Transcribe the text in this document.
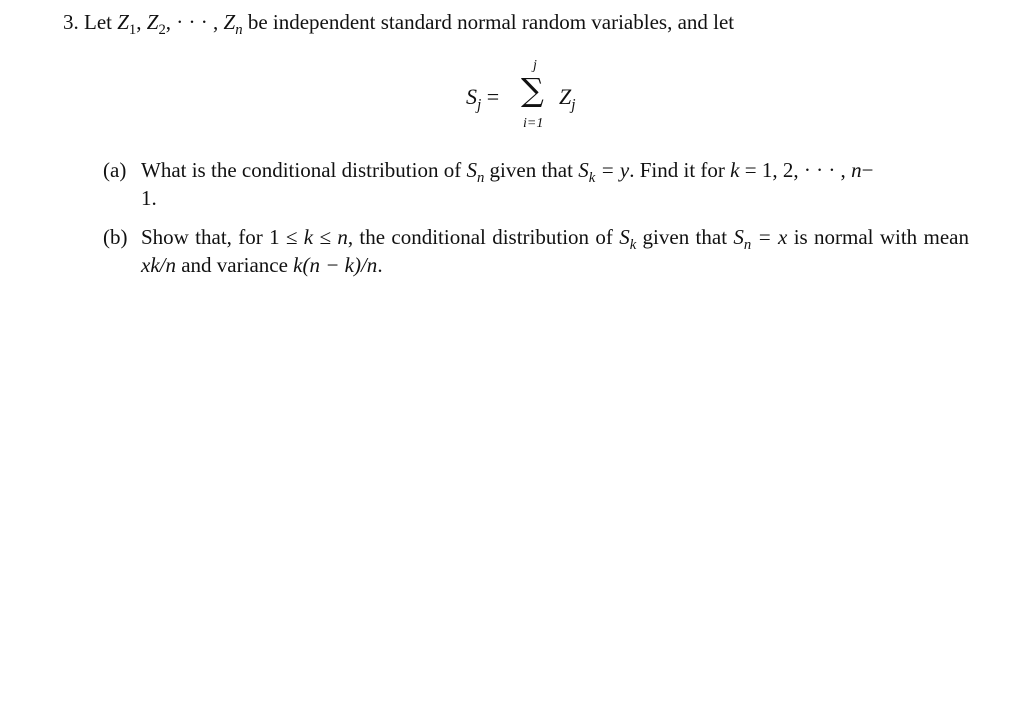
3. Let $Z_1$, $Z_2$, · · · , $Z_n$ be independent standard normal random variables, and let
$S_j$ =
j
∑
i=1
$Z_j$
(a) What is the conditional distribution of $S_n$ given that $S_k = y$. Find it for k = 1, 2, · · · , n−
1.
(b) Show that, for 1 ≤ k ≤ n, the conditional distribution of $S_k$ given that $S_n = x$ is normal with mean xk/n and variance k(n − k)/n.
